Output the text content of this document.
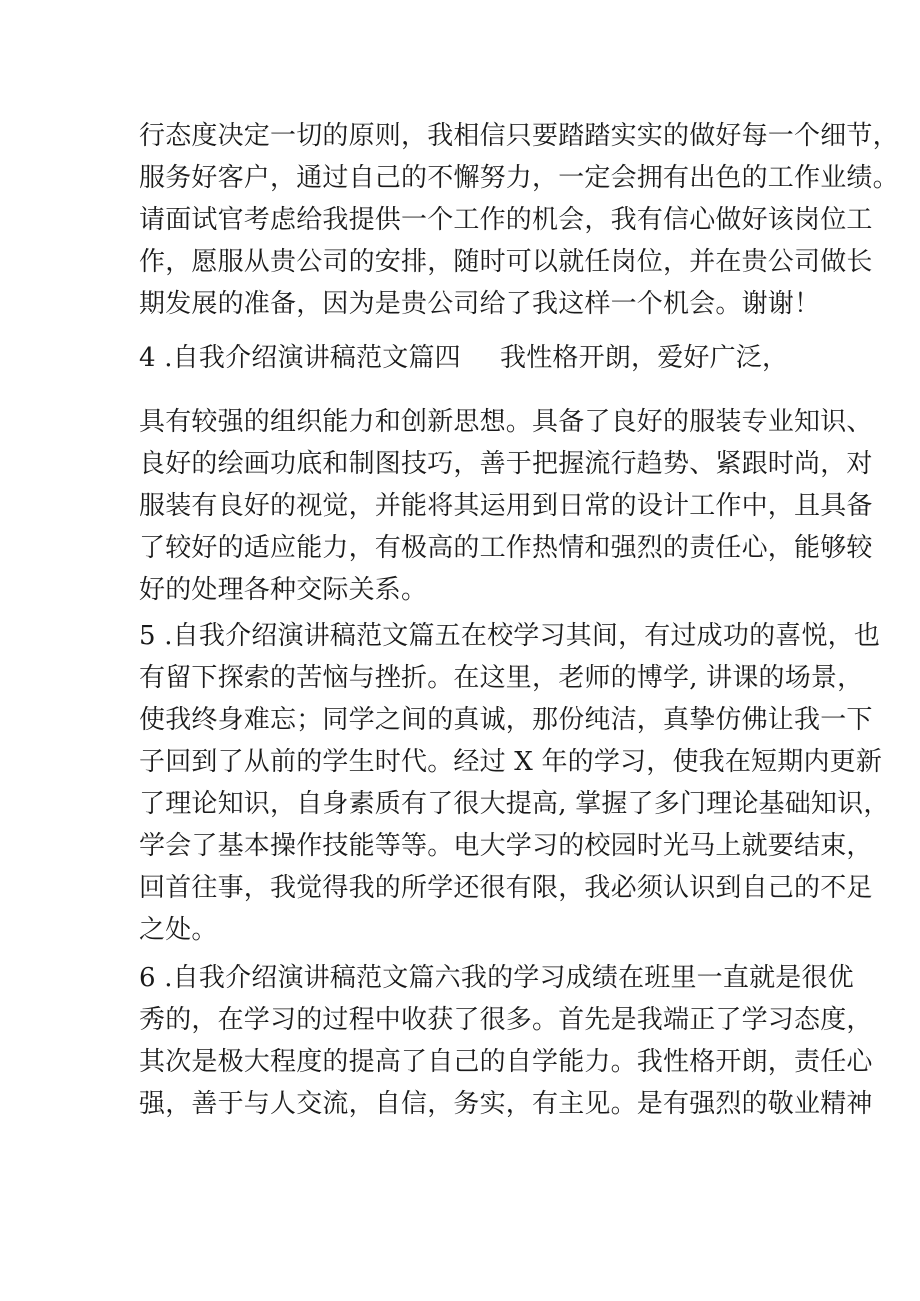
行态度决定一切的原则，我相信只要踏踏实实的做好每一个细节，
服务好客户，通过自己的不懈努力，一定会拥有出色的工作业绩。
请面试官考虑给我提供一个工作的机会，我有信心做好该岗位工
作，愿服从贵公司的安排，随时可以就任岗位，并在贵公司做长
期发展的准备，因为是贵公司给了我这样一个机会。谢谢！
4 .自我介绍演讲稿范文篇四 我性格开朗，爱好广泛，
具有较强的组织能力和创新思想。具备了良好的服装专业知识、
良好的绘画功底和制图技巧，善于把握流行趋势、紧跟时尚，对
服装有良好的视觉，并能将其运用到日常的设计工作中，且具备
了较好的适应能力，有极高的工作热情和强烈的责任心，能够较
好的处理各种交际关系。
5 .自我介绍演讲稿范文篇五在校学习其间，有过成功的喜悦，也
有留下探索的苦恼与挫折。在这里，老师的博学, 讲课的场景，
使我终身难忘；同学之间的真诚，那份纯洁，真挚仿佛让我一下
子回到了从前的学生时代。经过 X 年的学习，使我在短期内更新
了理论知识，自身素质有了很大提高, 掌握了多门理论基础知识，
学会了基本操作技能等等。电大学习的校园时光马上就要结束，
回首往事，我觉得我的所学还很有限，我必须认识到自己的不足
之处。
6 .自我介绍演讲稿范文篇六我的学习成绩在班里一直就是很优
秀的，在学习的过程中收获了很多。首先是我端正了学习态度，
其次是极大程度的提高了自己的自学能力。我性格开朗，责任心
强，善于与人交流，自信，务实，有主见。是有强烈的敬业精神
